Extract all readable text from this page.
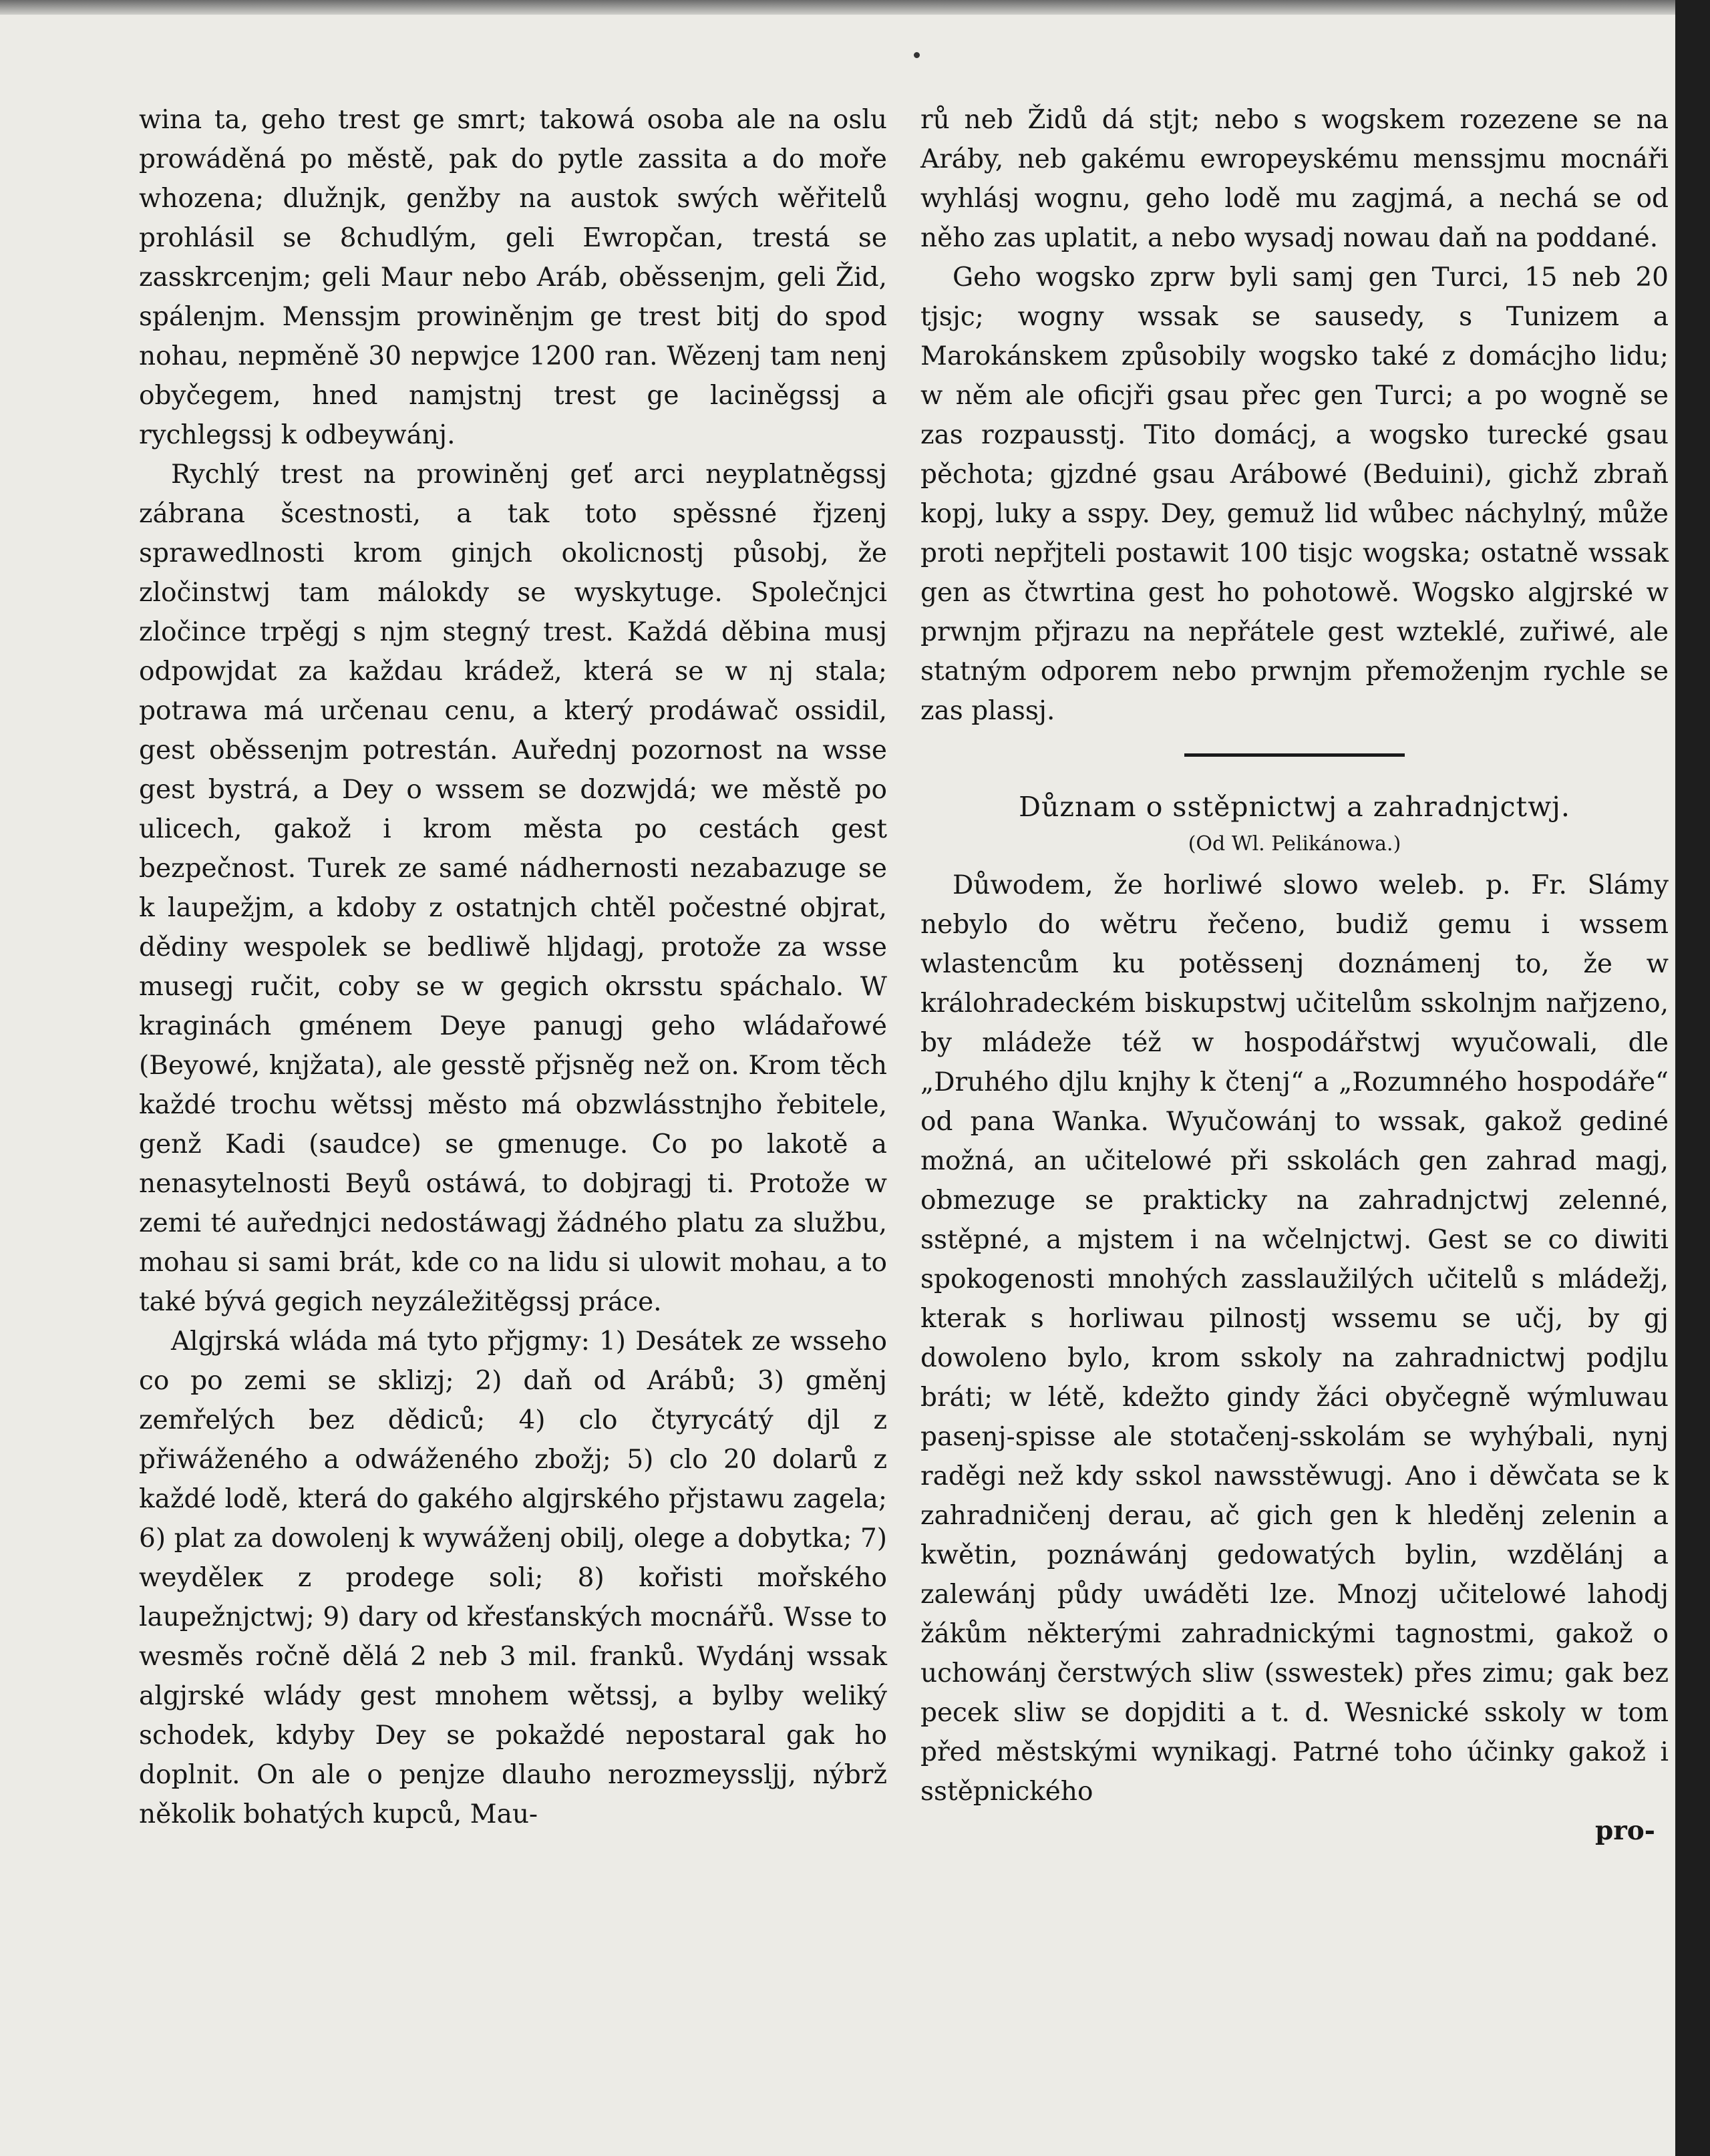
wina ta, geho trest ge smrt; takowá osoba ale na oslu prowáděná po městě, pak do pytle zassita a do moře whozena; dlužnjk, genžby na austok swých wěřitelů prohlásil se 8chudlým, geli Ewropčan, trestá se zasskrcenjm; geli Maur nebo Aráb, oběssenjm, geli Žid, spálenjm. Menssjm prowiněnjm ge trest bitj do spod nohau, nepměně 30 nepwjce 1200 ran. Wězenj tam nenj obyčegem, hned namjstnj trest ge laciněgssj a rychlegssj k odbeywánj.

Rychlý trest na prowiněnj geť arci neyplatněgssj zábrana šcestnosti, a tak toto spěssné řjzenj sprawedlnosti krom ginjch okolicnostj působj, že zločinstwj tam málokdy se wyskytuge. Společnjci zločince trpěgj s njm stegný trest. Každá děbina musj odpowjdat za každau krádež, která se w nj stala; potrawa má určenau cenu, a který prodáwač ossidil, gest oběssenjm potrestán. Auřednj pozornost na wsse gest bystrá, a Dey o wssem se dozwjdá; we městě po ulicech, gakož i krom města po cestách gest bezpečnost. Turek ze samé nádhernosti nezabazuge se k laupežjm, a kdoby z ostatnjch chtěl počestné objrat, dědiny wespolek se bedliwě hljdagj, protože za wsse musegj ručit, coby se w gegich okrsstu spáchalo. W kraginách gménem Deye panugj geho wládařowé (Beyowé, knjžata), ale gesstě přjsněg než on. Krom těch každé trochu wětssj město má obzwlásstnjho řebitele, genž Kadi (saudce) se gmenuge. Co po lakotě a nenasytelnosti Beyů ostáwá, to dobjragj ti. Protože w zemi té auřednjci nedostáwagj žádného platu za službu, mohau si sami brát, kde co na lidu si ulowit mohau, a to také bývá gegich neyzáležitěgssj práce.

Algjrská wláda má tyto přjgmy: 1) Desátek ze wsseho co po zemi se sklizj; 2) daň od Arábů; 3) gměnj zemřelých bez dědiců; 4) clo čtyrycátý djl z přiwáženého a odwáženého zbožj; 5) clo 20 dolarů z každé lodě, která do gakého algjrského přjstawu zagela; 6) plat za dowolenj k wywáženj obilj, olege a dobytka; 7) weyděleк z prodege soli; 8) kořisti mořského laupežnjctwj; 9) dary od křesťanských mocnářů. Wsse to wesměs ročně dělá 2 neb 3 mil. franků. Wydánj wssak algjrské wlády gest mnohem wětssj, a bylby weliký schodek, kdyby Dey se pokaždé nepostaral gak ho doplnit. On ale o penjze dlauho nerozmeyssljj, nýbrž několik bohatých kupců, Mau-

rů neb Židů dá stjt; nebo s wogskem rozezene se na Aráby, neb gakému ewropeyskému menssjmu mocnáři wyhlásj wognu, geho lodě mu zagjmá, a nechá se od něho zas uplatit, a nebo wysadj nowau daň na poddané.

Geho wogsko zprw byli samj gen Turci, 15 neb 20 tjsjc; wogny wssak se sausedy, s Tunizem a Marokánskem způsobily wogsko také z domácjho lidu; w něm ale oficjři gsau přec gen Turci; a po wogně se zas rozpausstj. Tito domácj, a wogsko turecké gsau pěchota; gjzdné gsau Arábowé (Beduini), gichž zbraň kopj, luky a sspy. Dey, gemuž lid wůbec náchylný, může proti nepřjteli postawit 100 tisjc wogska; ostatně wssak gen as čtwrtina gest ho pohotowě. Wogsko algjrské w prwnjm přjrazu na nepřátele gest wzteklé, zuřiwé, ale statným odporem nebo prwnjm přemoženjm rychle se zas plassj.

Důznam o sstěpnictwj a zahradnjctwj.
(Od Wl. Pelikánowa.)

Důwodem, že horliwé slowo weleb. p. Fr. Slámy nebylo do wětru řečeno, budiž gemu i wssem wlastencům ku potěssenj doznámenj to, že w králohradeckém biskupstwj učitelům sskolnjm nařjzeno, by mládeže též w hospodářstwj wyučowali, dle „Druhého djlu knjhy k čtenj“ a „Rozumného hospodáře“ od pana Wanka. Wyučowánj to wssak, gakož gediné možná, an učitelowé při sskolách gen zahrad magj, obmezuge se prakticky na zahradnjctwj zelenné, sstěpné, a mjstem i na wčelnjctwj. Gest se co diwiti spokogenosti mnohých zasslaužilých učitelů s mládežj, kterak s horliwau pilnostj wssemu se učj, by gj dowoleno bylo, krom sskoly na zahradnictwj podjlu bráti; w létě, kdežto gindy žáci obyčegně wýmluwau pasenj-spisse ale stotačenj-sskolám se wyhýbali, nynj raděgi než kdy sskol nawsstěwugj. Ano i děwčata se k zahradničenj derau, ač gich gen k hleděnj zelenin a kwětin, poznáwánj gedowatých bylin, wzdělánj a zalewánj půdy uwáděti lze. Mnozj učitelowé lahodj žákům některými zahradnickými tagnostmi, gakož o uchowánj čerstwých sliw (sswestek) přes zimu; gak bez pecek sliw se dopjditi a t. d. Wesnické sskoly w tom před městskými wynikagj. Patrné toho účinky gakož i sstěpnického

pro-
